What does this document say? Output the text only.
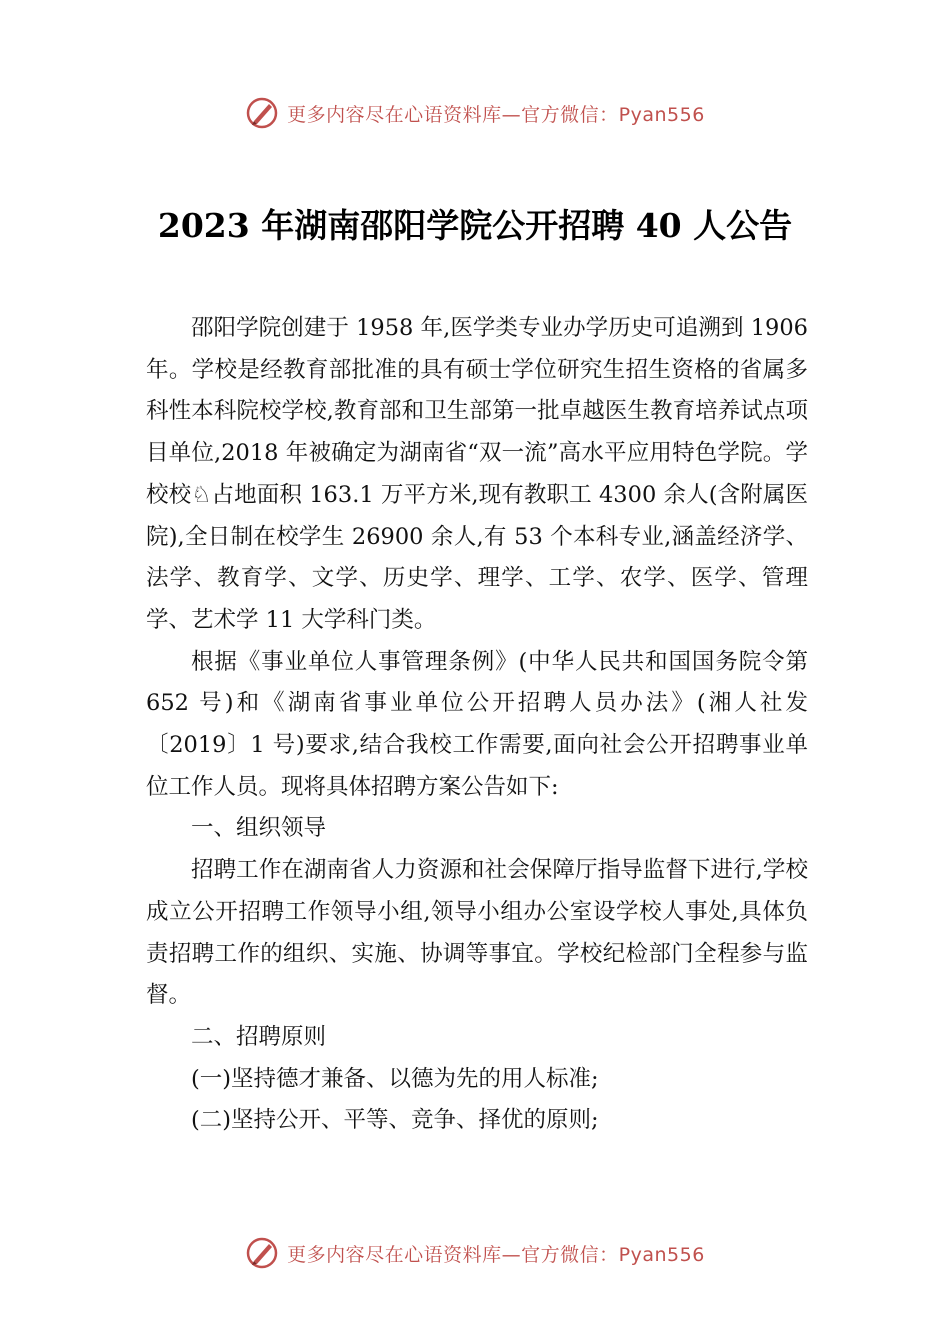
更多内容尽在心语资料库—官方微信：Pyan556
2023 年湖南邵阳学院公开招聘 40 人公告

邵阳学院创建于 1958 年,医学类专业办学历史可追溯到 1906 年。学校是经教育部批准的具有硕士学位研究生招生资格的省属多科性本科院校学校,教育部和卫生部第一批卓越医生教育培养试点项目单位,2018 年被确定为湖南省“双一流”高水平应用特色学院。学校校♘占地面积 163.1 万平方米,现有教职工 4300 余人(含附属医院),全日制在校学生 26900 余人,有 53 个本科专业,涵盖经济学、法学、教育学、文学、历史学、理学、工学、农学、医学、管理学、艺术学 11 大学科门类。

根据《事业单位人事管理条例》(中华人民共和国国务院令第 652 号)和《湖南省事业单位公开招聘人员办法》(湘人社发〔2019〕1 号)要求,结合我校工作需要,面向社会公开招聘事业单位工作人员。现将具体招聘方案公告如下:

一、组织领导

招聘工作在湖南省人力资源和社会保障厅指导监督下进行,学校成立公开招聘工作领导小组,领导小组办公室设学校人事处,具体负责招聘工作的组织、实施、协调等事宜。学校纪检部门全程参与监督。

二、招聘原则

(一)坚持德才兼备、以德为先的用人标准;

(二)坚持公开、平等、竞争、择优的原则;

更多内容尽在心语资料库—官方微信：Pyan556
